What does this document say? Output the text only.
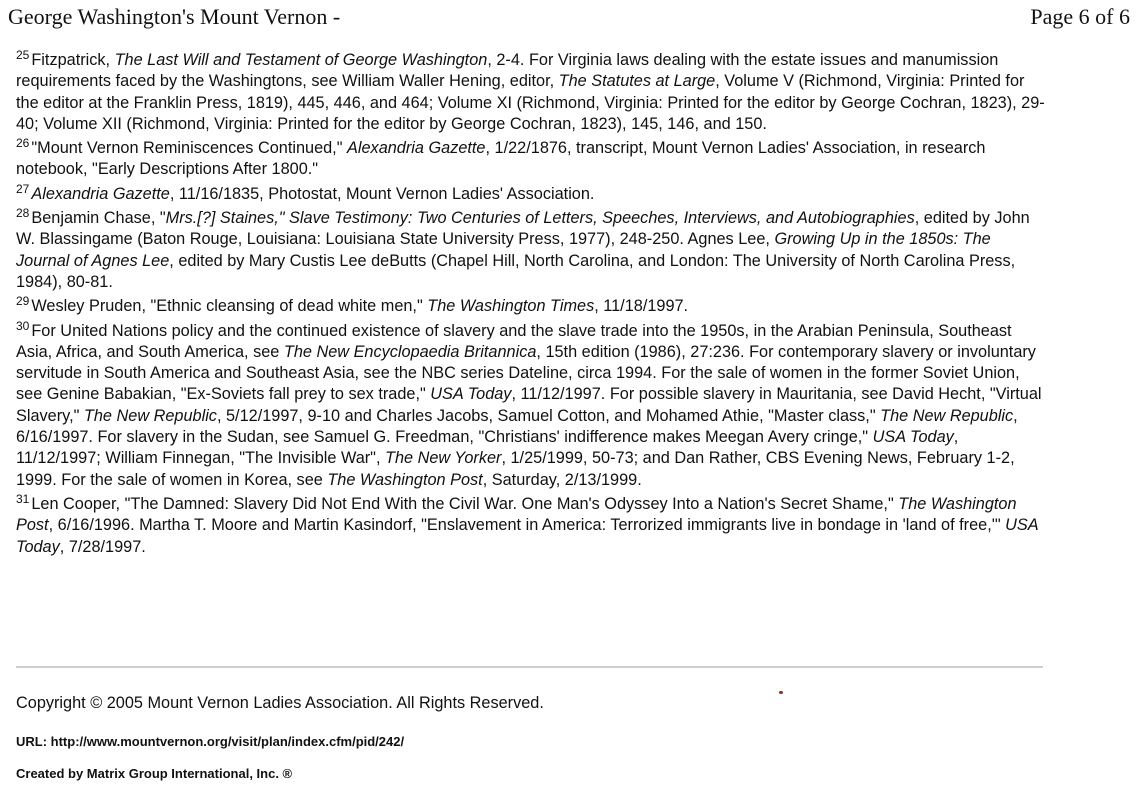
George Washington's Mount Vernon -	Page 6 of 6

$^{25}$ Fitzpatrick, The Last Will and Testament of George Washington, 2-4. For Virginia laws dealing with the estate issues and manumission requirements faced by the Washingtons, see William Waller Hening, editor, The Statutes at Large, Volume V (Richmond, Virginia: Printed for the editor at the Franklin Press, 1819), 445, 446, and 464; Volume XI (Richmond, Virginia: Printed for the editor by George Cochran, 1823), 29-40; Volume XII (Richmond, Virginia: Printed for the editor by George Cochran, 1823), 145, 146, and 150.

$^{26}$ "Mount Vernon Reminiscences Continued," Alexandria Gazette, 1/22/1876, transcript, Mount Vernon Ladies' Association, in research notebook, "Early Descriptions After 1800."

$^{27}$ Alexandria Gazette, 11/16/1835, Photostat, Mount Vernon Ladies' Association.

$^{28}$ Benjamin Chase, "Mrs.[?] Staines," Slave Testimony: Two Centuries of Letters, Speeches, Interviews, and Autobiographies, edited by John W. Blassingame (Baton Rouge, Louisiana: Louisiana State University Press, 1977), 248-250. Agnes Lee, Growing Up in the 1850s: The Journal of Agnes Lee, edited by Mary Custis Lee deButts (Chapel Hill, North Carolina, and London: The University of North Carolina Press, 1984), 80-81.

$^{29}$ Wesley Pruden, "Ethnic cleansing of dead white men," The Washington Times, 11/18/1997.

$^{30}$ For United Nations policy and the continued existence of slavery and the slave trade into the 1950s, in the Arabian Peninsula, Southeast Asia, Africa, and South America, see The New Encyclopaedia Britannica, 15th edition (1986), 27:236. For contemporary slavery or involuntary servitude in South America and Southeast Asia, see the NBC series Dateline, circa 1994. For the sale of women in the former Soviet Union, see Genine Babakian, "Ex-Soviets fall prey to sex trade," USA Today, 11/12/1997. For possible slavery in Mauritania, see David Hecht, "Virtual Slavery," The New Republic, 5/12/1997, 9-10 and Charles Jacobs, Samuel Cotton, and Mohamed Athie, "Master class," The New Republic, 6/16/1997. For slavery in the Sudan, see Samuel G. Freedman, "Christians' indifference makes Meegan Avery cringe," USA Today, 11/12/1997; William Finnegan, "The Invisible War", The New Yorker, 1/25/1999, 50-73; and Dan Rather, CBS Evening News, February 1-2, 1999. For the sale of women in Korea, see The Washington Post, Saturday, 2/13/1999.

$^{31}$ Len Cooper, "The Damned: Slavery Did Not End With the Civil War. One Man's Odyssey Into a Nation's Secret Shame," The Washington Post, 6/16/1996. Martha T. Moore and Martin Kasindorf, "Enslavement in America: Terrorized immigrants live in bondage in 'land of free,'" USA Today, 7/28/1997.

Copyright © 2005 Mount Vernon Ladies Association. All Rights Reserved.
URL: http://www.mountvernon.org/visit/plan/index.cfm/pid/242/
Created by Matrix Group International, Inc. ®
